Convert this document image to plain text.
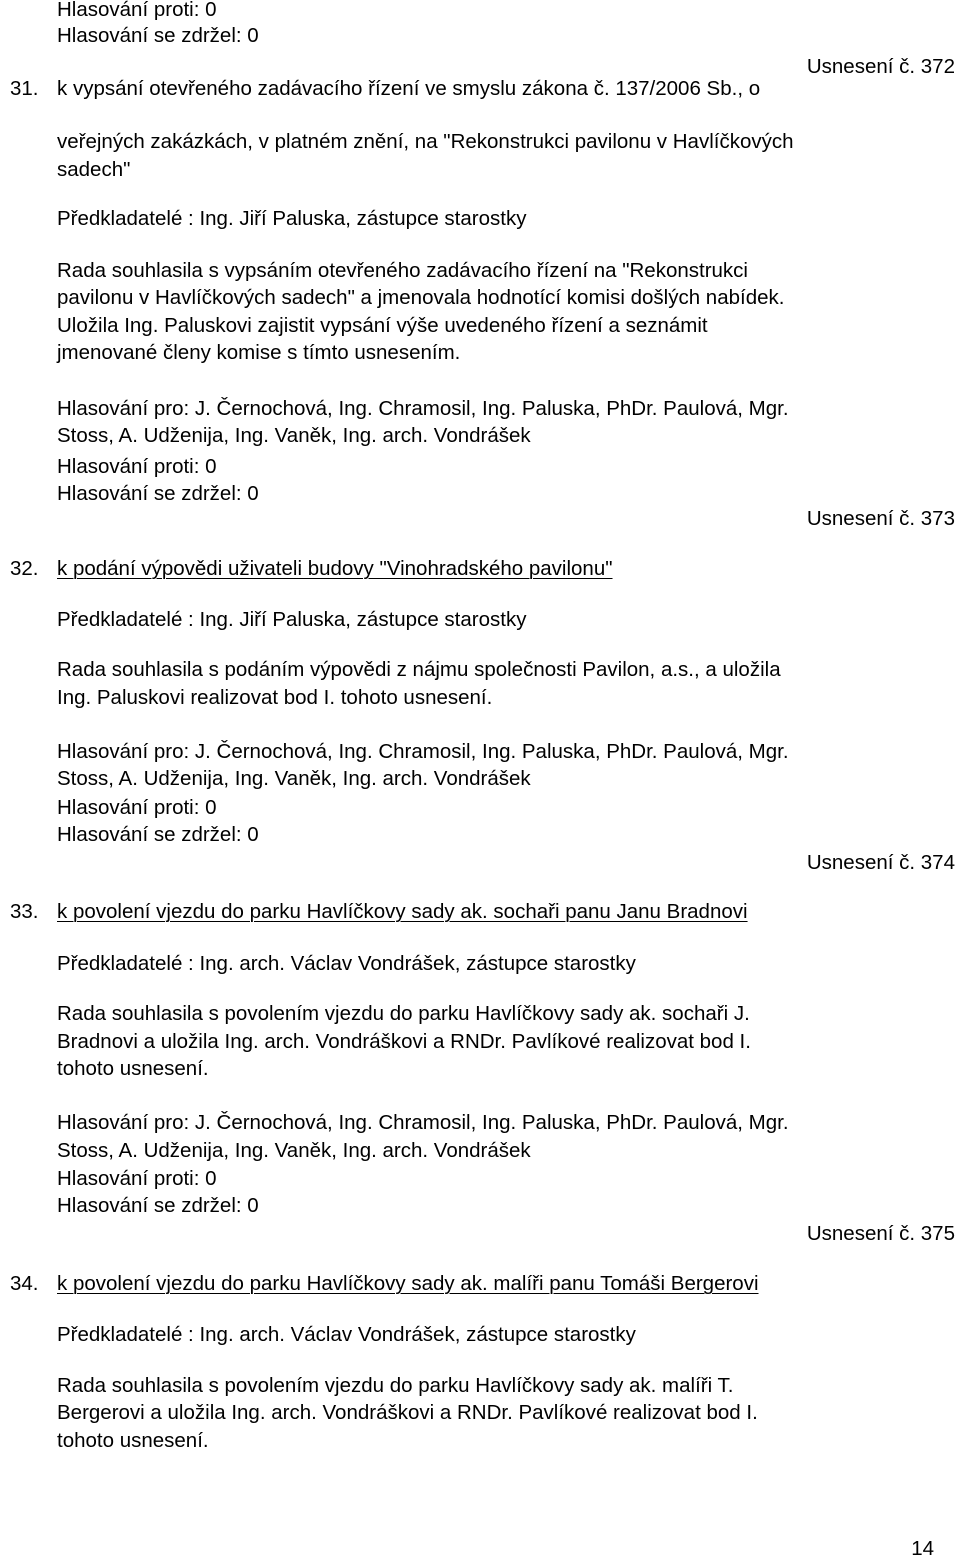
Hlasování proti: 0

Hlasování se zdržel: 0

Usnesení č. 372

31. k vypsání otevřeného zadávacího řízení ve smyslu zákona č. 137/2006 Sb., o

veřejných zakázkách, v platném znění, na "Rekonstrukci pavilonu v Havlíčkových

sadech"

Předkladatelé : Ing. Jiří Paluska, zástupce starostky

Rada souhlasila s vypsáním otevřeného zadávacího řízení na "Rekonstrukci

pavilonu v Havlíčkových sadech" a jmenovala hodnotící komisi došlých nabídek.

Uložila Ing. Paluskovi zajistit vypsání výše uvedeného řízení a seznámit

jmenované členy komise s tímto usnesením.

Hlasování pro: J. Černochová, Ing. Chramosil, Ing. Paluska, PhDr. Paulová, Mgr.

Stoss, A. Udženija, Ing. Vaněk, Ing. arch. Vondrášek

Hlasování proti: 0

Hlasování se zdržel: 0

Usnesení č. 373

32. k podání výpovědi uživateli budovy "Vinohradského pavilonu"

Předkladatelé : Ing. Jiří Paluska, zástupce starostky

Rada souhlasila s podáním výpovědi z nájmu společnosti Pavilon, a.s., a uložila

Ing. Paluskovi realizovat bod I. tohoto usnesení.

Hlasování pro: J. Černochová, Ing. Chramosil, Ing. Paluska, PhDr. Paulová, Mgr.

Stoss, A. Udženija, Ing. Vaněk, Ing. arch. Vondrášek

Hlasování proti: 0

Hlasování se zdržel: 0

Usnesení č. 374

33. k povolení vjezdu do parku Havlíčkovy sady ak. sochaři panu Janu Bradnovi

Předkladatelé : Ing. arch. Václav Vondrášek, zástupce starostky

Rada souhlasila s povolením vjezdu do parku Havlíčkovy sady ak. sochaři J.

Bradnovi a uložila Ing. arch. Vondráškovi a RNDr. Pavlíkové realizovat bod I.

tohoto usnesení.

Hlasování pro: J. Černochová, Ing. Chramosil, Ing. Paluska, PhDr. Paulová, Mgr.

Stoss, A. Udženija, Ing. Vaněk, Ing. arch. Vondrášek

Hlasování proti: 0

Hlasování se zdržel: 0

Usnesení č. 375

34. k povolení vjezdu do parku Havlíčkovy sady ak. malíři panu Tomáši Bergerovi

Předkladatelé : Ing. arch. Václav Vondrášek, zástupce starostky

Rada souhlasila s povolením vjezdu do parku Havlíčkovy sady ak. malíři T.

Bergerovi a uložila Ing. arch. Vondráškovi a RNDr. Pavlíkové realizovat bod I.

tohoto usnesení.

14
